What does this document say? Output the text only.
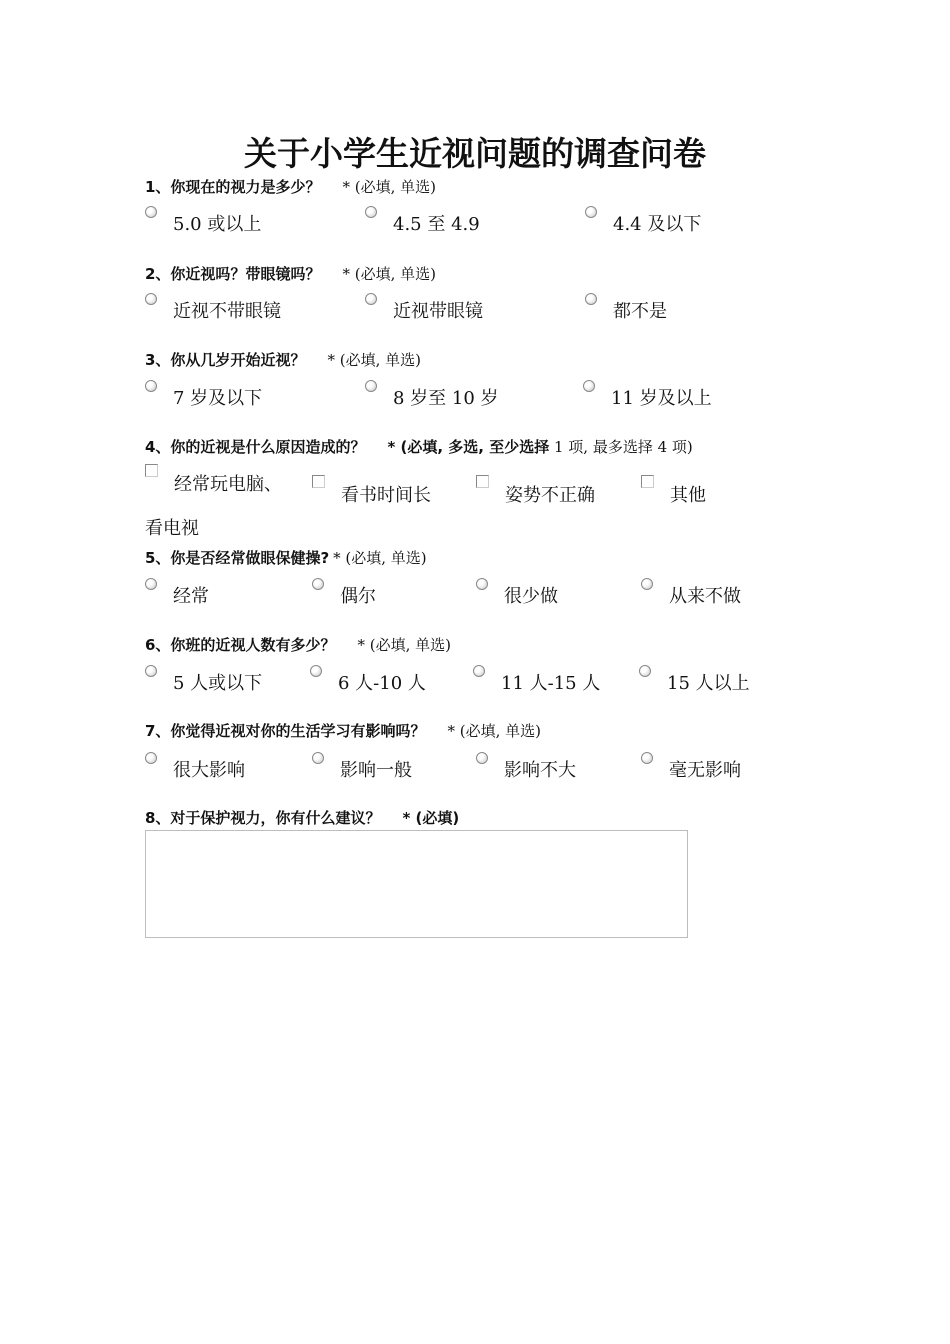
关于小学生近视问题的调查问卷
1、你现在的视力是多少？ * (必填, 单选)
5.0 或以上	4.5 至 4.9	4.4 及以下
2、你近视吗？带眼镜吗？ * (必填, 单选)
近视不带眼镜	近视带眼镜	都不是
3、你从几岁开始近视？ * (必填, 单选)
7 岁及以下	8 岁至 10 岁	11 岁及以上
4、你的近视是什么原因造成的？ * (必填, 多选, 至少选择 1 项, 最多选择 4 项)
经常玩电脑、
看书时间长	姿势不正确	其他
看电视
5、你是否经常做眼保健操? * (必填, 单选)
经常	偶尔	很少做	从来不做
6、你班的近视人数有多少？ * (必填, 单选)
5 人或以下	6 人-10 人	11 人-15 人	15 人以上
7、你觉得近视对你的生活学习有影响吗？ * (必填, 单选)
很大影响	影响一般	影响不大	毫无影响
8、对于保护视力，你有什么建议？ * (必填)
